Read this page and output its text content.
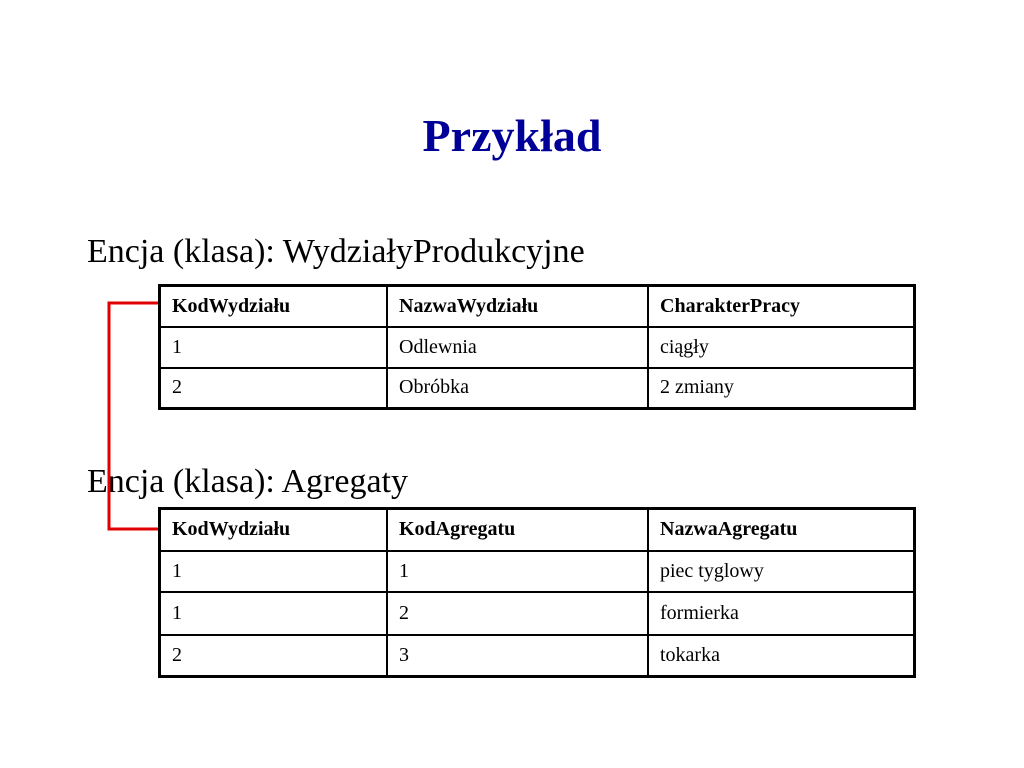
Przykład
Encja (klasa): WydziałyProdukcyjne
KodWydziału	NazwaWydziału	CharakterPracy
1	Odlewnia	ciągły
2	Obróbka	2 zmiany
Encja (klasa): Agregaty
KodWydziału	KodAgregatu	NazwaAgregatu
1	1	piec tyglowy
1	2	formierka
2	3	tokarka
